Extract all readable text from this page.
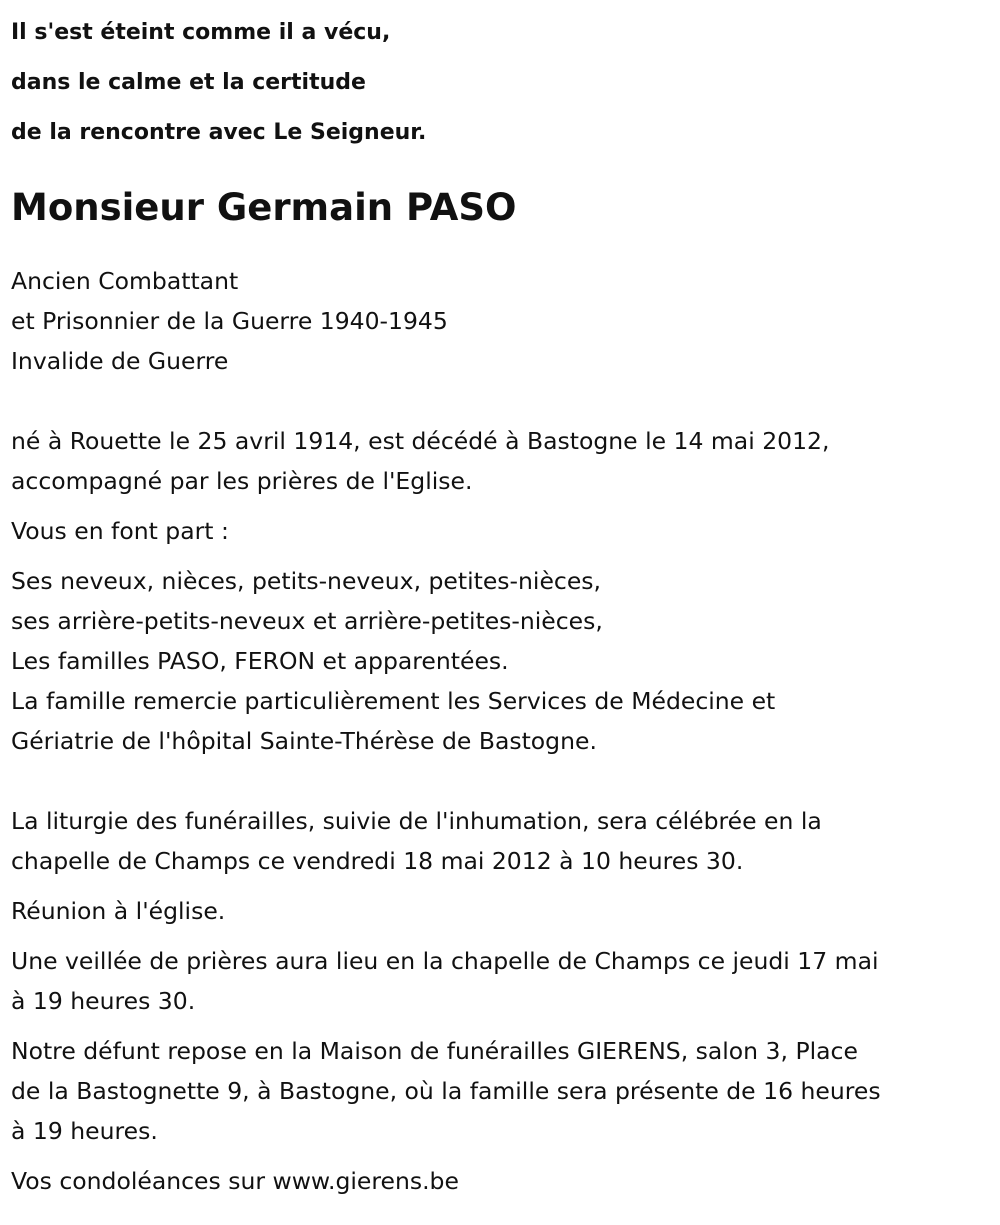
Il s'est éteint comme il a vécu,
dans le calme et la certitude
de la rencontre avec Le Seigneur.
Monsieur Germain PASO
Ancien Combattant
et Prisonnier de la Guerre 1940-1945
Invalide de Guerre
né à Rouette le 25 avril 1914, est décédé à Bastogne le 14 mai 2012,
accompagné par les prières de l'Eglise.
Vous en font part :
Ses neveux, nièces, petits-neveux, petites-nièces,
ses arrière-petits-neveux et arrière-petites-nièces,
Les familles PASO, FERON et apparentées.
La famille remercie particulièrement les Services de Médecine et
Gériatrie de l'hôpital Sainte-Thérèse de Bastogne.
La liturgie des funérailles, suivie de l'inhumation, sera célébrée en la
chapelle de Champs ce vendredi 18 mai 2012 à 10 heures 30.
Réunion à l'église.
Une veillée de prières aura lieu en la chapelle de Champs ce jeudi 17 mai
à 19 heures 30.
Notre défunt repose en la Maison de funérailles GIERENS, salon 3, Place
de la Bastognette 9, à Bastogne, où la famille sera présente de 16 heures
à 19 heures.
Vos condoléances sur www.gierens.be
